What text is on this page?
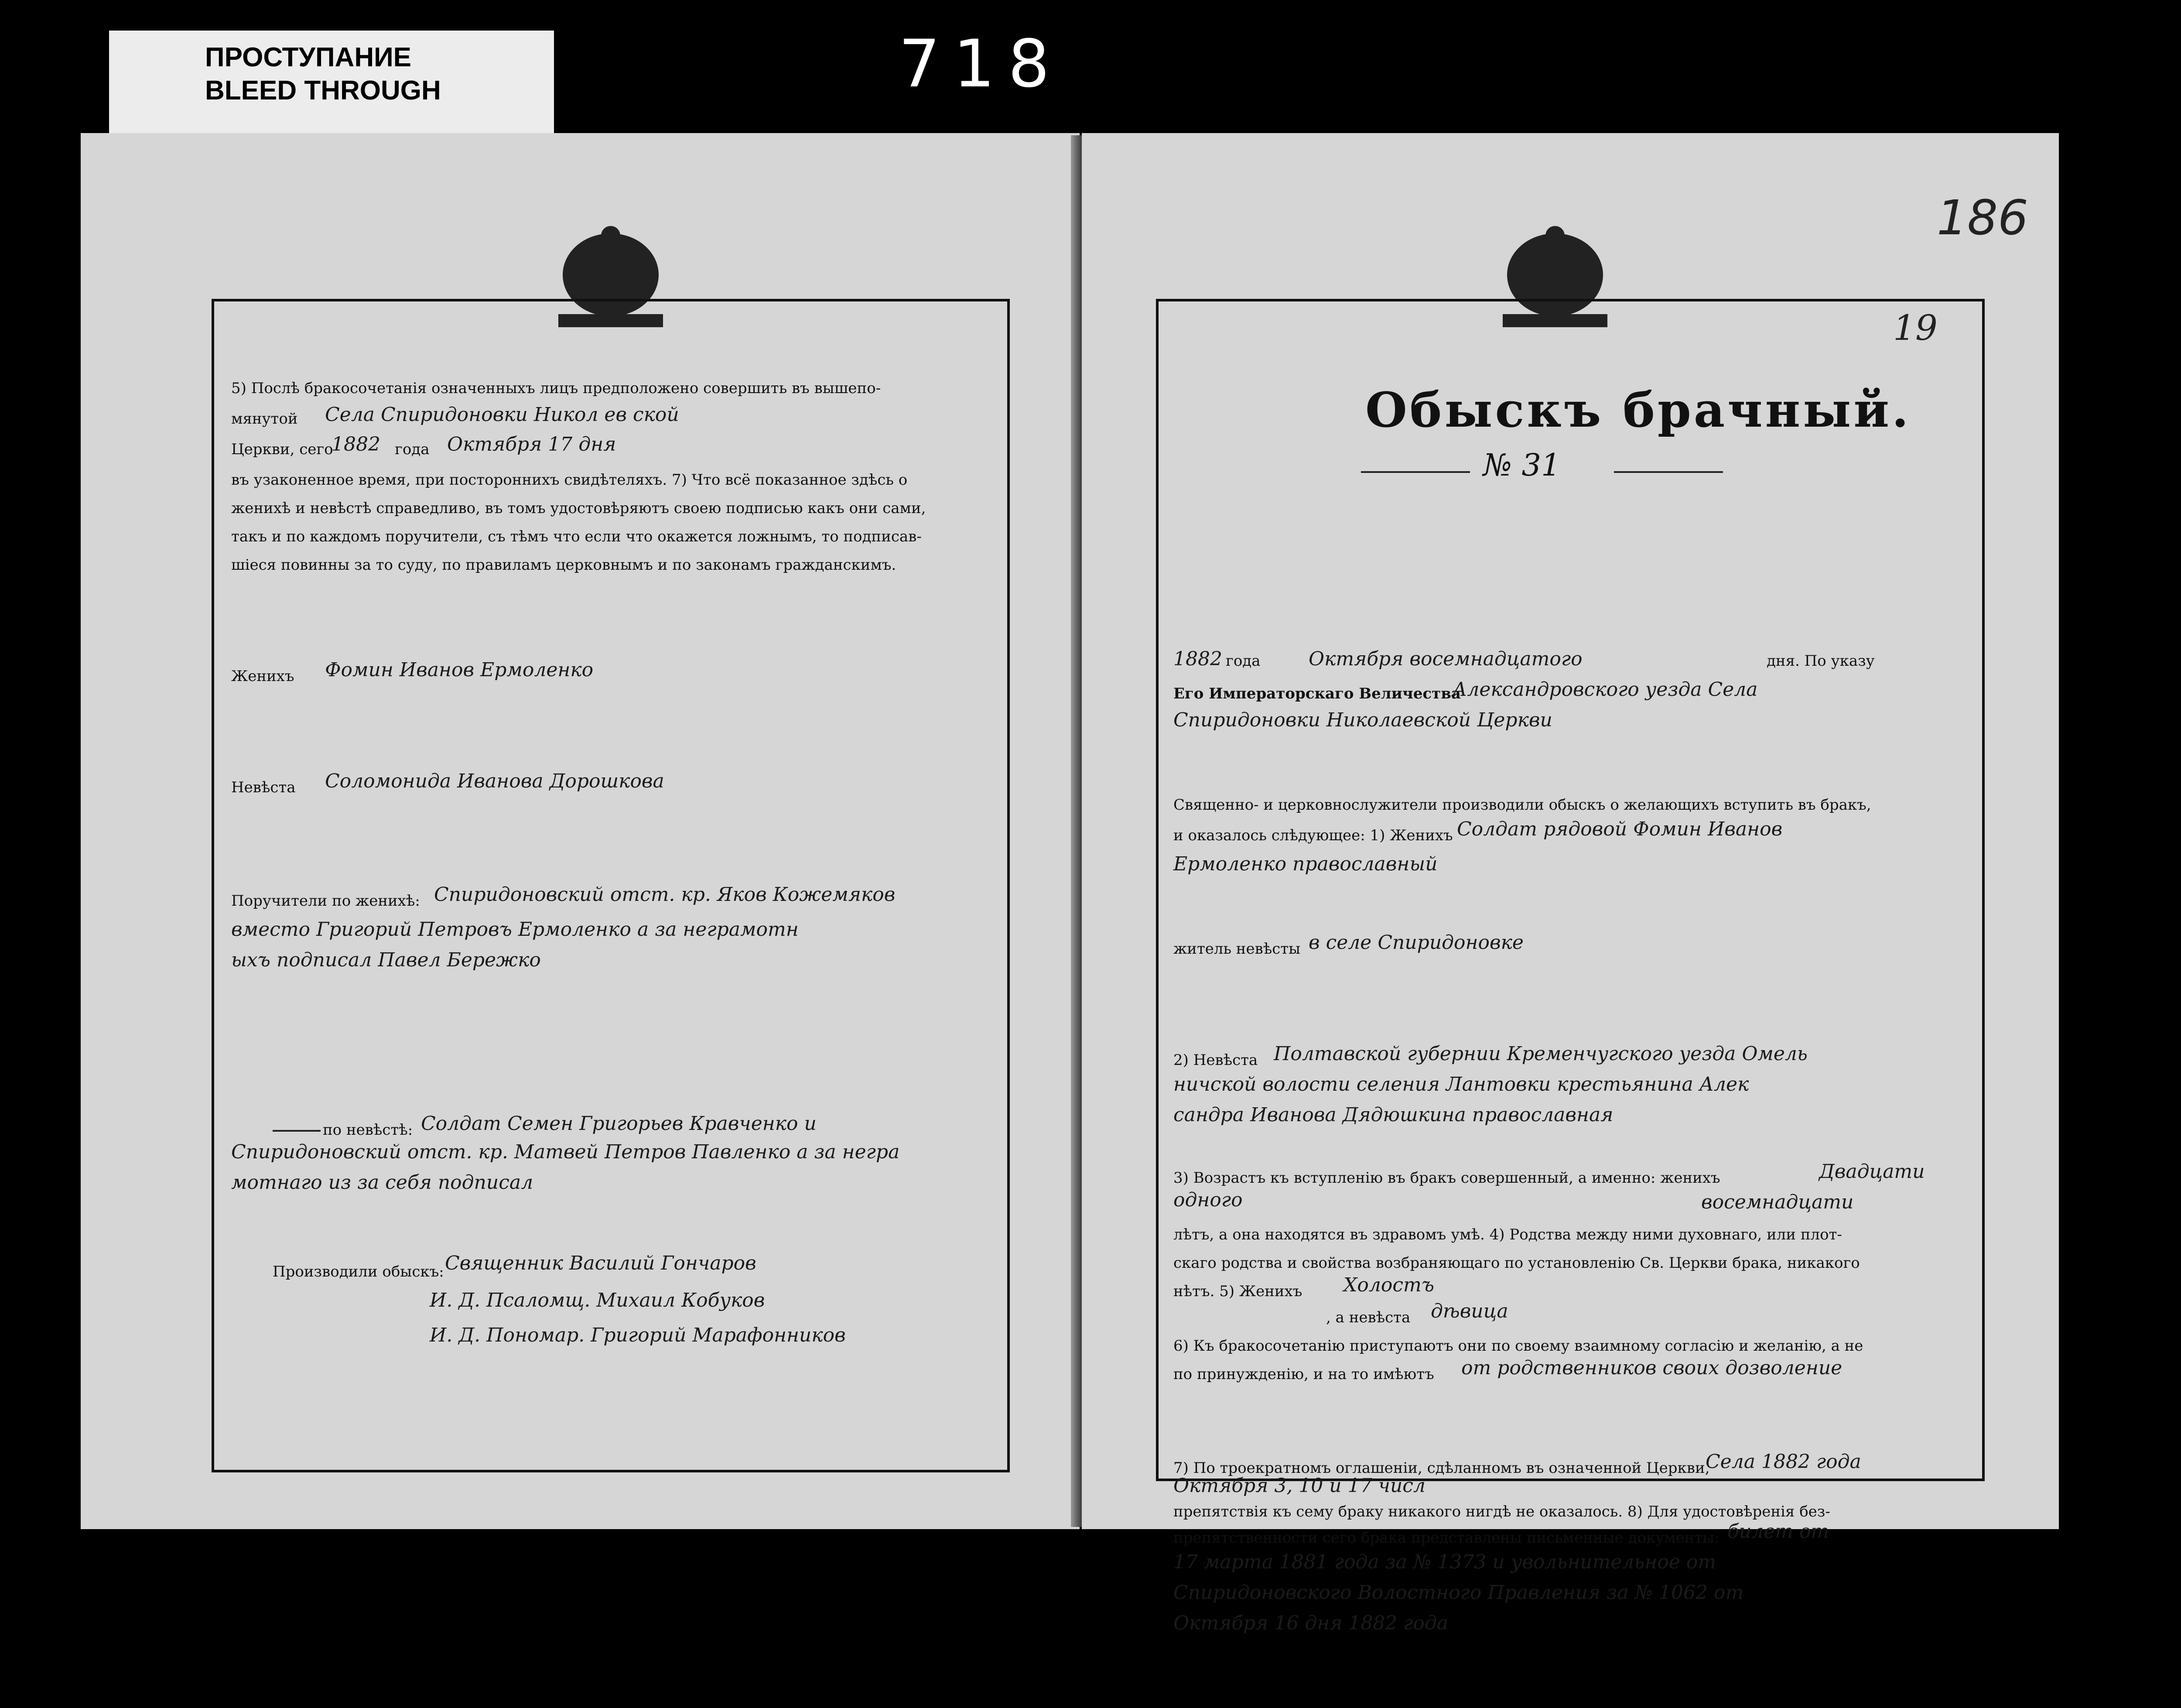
ПРОСТУПАНИЕ
BLEED THROUGH	718
5) Послѣ бракосочетанія означенныхъ лицъ предположено совершить въ вышепо-
мянутой Села Спиридоновки Никол ев ской
Церкви, сего
1882 года Октября 17 дня
въ узаконенное время, при постороннихъ свидѣтеляхъ. 7) Что всё показанное здѣсь о
женихѣ и невѣстѣ справедливо, въ томъ удостовѣряютъ своею подписью какъ они сами,
такъ и по каждомъ поручители, съ тѣмъ что если что окажется ложнымъ, то подписав-
шiеся повинны за то суду, по правиламъ церковнымъ и по законамъ гражданскимъ.
Женихъ Фомин Иванов Ермоленко
Невѣста Соломонида Иванова Дорошкова
Поручители по женихѣ: Спиридоновский отст. кр. Яков Кожемяков
вместо Григорий Петровъ Ермоленко а за неграмотн
ыхъ подписал Павел Бережко
по невѣстѣ: Солдат Семен Григорьев Кравченко и
Спиридоновский отст. кр. Матвей Петров Павленко а за негра
мотнаго из за себя подписал
Производили обыскъ: Священник Василий Гончаров
И. Д. Псаломщ. Михаил Кобуков
И. Д. Пономар. Григорий Марафонников
186
19
Обыскъ брачный.
№ 31
1882 года	Октября восемнадцатого	дня. По указу
Его Императорскаго Величества
Александровского уезда Села
Спиридоновки Николаевской Церкви
Священно- и церковнослужители производили обыскъ о желающихъ вступить въ бракъ,
и оказалось слѣдующее: 1) Женихъ Солдат рядовой Фомин Иванов
Ермоленко православный
житель невѣсты в селе Спиридоновке
2) Невѣста Полтавской губернии Кременчугского уезда Омель
ничской волости селения Лантовки крестьянина Алек
сандра Иванова Дядюшкина православная
3) Возрастъ къ вступленію въ бракъ совершенный, а именно: женихъ	Двадцати
одного	восемнадцати
лѣтъ, а она находятся въ здравомъ умѣ. 4) Родства между ними духовнаго, или плот-
скаго родства и свойства возбраняющаго по установленію Св. Церкви брака, никакого
нѣтъ. 5) Женихъ Холостъ
, а невѣста дѣвица
6) Къ бракосочетанію приступаютъ они по своему взаимному согласію и желанію, а не
по принужденію, и на то имѣютъ от родственников своих дозволение
7) По троекратномъ оглашеніи, сдѣланномъ въ означенной Церкви,
Села 1882 года
Октября 3, 10 и 17 числ
препятствія къ сему браку никакого нигдѣ не оказалось. 8) Для удостовѣренія без-
препятственности сего брака представлены письменные документы: билет от
17 марта 1881 года за № 1373 и увольнительное от
Спиридоновского Волостного Правления за № 1062 от
Октября 16 дня 1882 года
